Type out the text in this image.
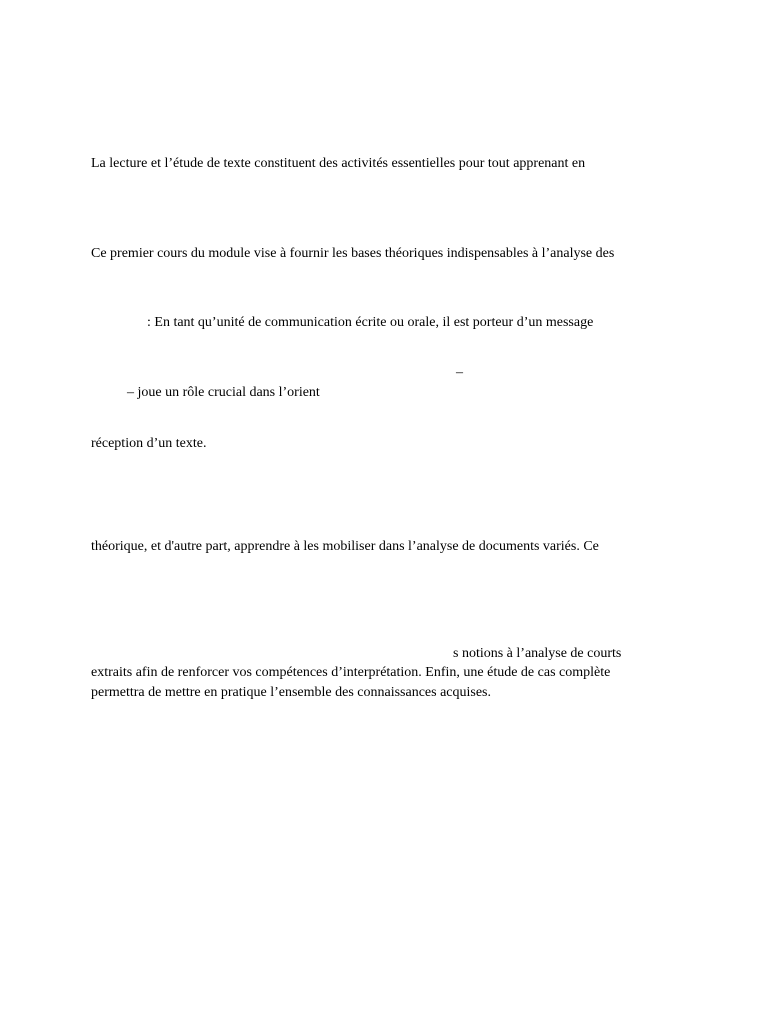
La lecture et l’étude de texte constituent des activités essentielles pour tout apprenant en

Ce premier cours du module vise à fournir les bases théoriques indispensables à l’analyse des

: En tant qu’unité de communication écrite ou orale, il est porteur d’un message

–

– joue un rôle crucial dans l’orient

réception d’un texte.

théorique, et d'autre part, apprendre à les mobiliser dans l’analyse de documents variés. Ce

s notions à l’analyse de courts

extraits afin de renforcer vos compétences d’interprétation. Enfin, une étude de cas complète

permettra de mettre en pratique l’ensemble des connaissances acquises.
